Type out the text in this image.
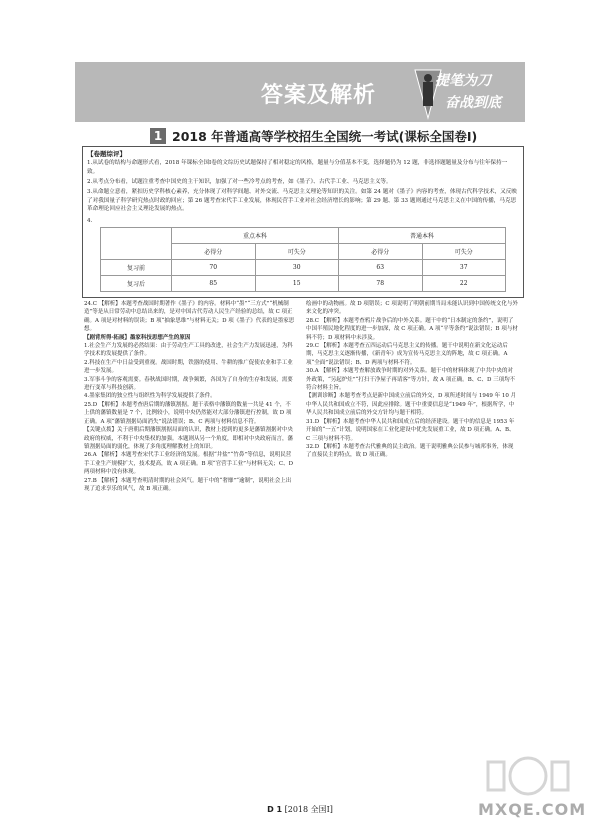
答案及解析
提笔为刀
奋战到底
1 2018 年普通高等学校招生全国统一考试(课标全国卷Ⅰ)
【卷题综评】
1.从试卷的结构与命题形式看，2018 年课标全国Ⅰ卷的文综历史试题保持了相对稳定的风格，题量与分值基本不变，选择题仍为 12 题，非选择题题量及分布与往年保持一致。
2.从考点分布看，试题注重考查中国史的主干知识，加强了对一些冷考点的考查，如《墨子》、古代手工业、马克思主义等。
3.从命题立意看，紧扣历史学科核心素养，充分体现了对科学间题、对外交流、马克思主义理论等知识的关注。如第 24 题对《墨子》内容的考查，体现古代科学技术，又反映了对我国量子科学研究热点时政的回应；第 26 题考查宋代手工业发展，体现民营手工业对社会经济增长的影响；第 29 题、第 33 题则通过马克思主义在中国的传播，马克思革命理论回应社会主义理论发展的热点。
4.
	重点本科		普通本科	
	必得分	可失分	必得分	可失分
复习前	70	30	63	37
复习后	85	15	78	22

24.C 【解析】本题考查战国时期著作《墨子》的内容。材料中“墨”“三方式”“机械制造”等是从日常劳动中总结出来的，是对中国古代劳动人民生产经验的总结，故 C 项正确。A 项是对材料的误读；B 项“抽象思维”与材料无关；D 项《墨子》代表的是墨家思想。

【剧背所得·拓展】墨家科技思想产生的原因

1.社会生产力发展的必然结果：由于劳动生产工具的改进，社会生产力发展迅速，为科学技术的发展提供了条件。

2.科技在生产中日益受到重视。战国时期，铁器的使用、牛耕的推广促使农业和手工业进一步发展。

3.军事斗争的客观需要。春秋战国时期，战争频繁，各国为了自身的生存和发展，需要进行变革与科技创新。

4.墨家集团的独立性与组织性为科学发展提供了条件。

25.D 【解析】本题考查唐后期的藩镇割据。题干表格中藩镇的数量一共是 41 个，不上供的藩镇数量是 7 个，比例较小，说明中央仍然能对大部分藩镇进行控制，故 D 项正确。A 项“藩镇割据局面消失”说法错误；B、C 两项与材料信息不符。

【关键点拨】关于唐朝后期藩镇割据局面的认识，教材上提到的更多是藩镇割据对中央政府的权威，不利于中央集权的加强。本题则从另一个角度，即相对中央政府而言，藩镇割据局面的弱化，体现了多角度理解教材上的知识。

26.A 【解析】本题考查宋代手工业经济的发展。根据“井盐”“竹鼻”等信息，说明民营手工业生产规模扩大，技术提高，故 A 项正确。B 项“官营手工业”与材料无关；C、D 两项材料中没有体现。

27.B 【解析】本题考查明清时期的社会风气。题干中的“奢靡”“逾制”，说明社会上出现了追求享乐的风气，故 B 项正确。

绘画中的动物画。故 D 项错误；C 项说明了明朝前期当局未能认识到中国传统文化与外来文化的冲突。

28.C 【解析】本题考查鸦片战争后的中外关系。题干中的“日本制定的条约”，说明了中国半殖民地化程度的进一步加深，故 C 项正确。A 项“平等条约”说法错误；B 项与材料不符；D 项材料中未涉及。

29.C 【解析】本题考查五四运动后马克思主义的传播。题干中说明在新文化运动后期，马克思主义逐渐传播，《新青年》成为宣传马克思主义的阵地，故 C 项正确。A 项“全面”说法错误；B、D 两项与材料不符。

30.A 【解析】本题考查解放战争时期的对外关系。题干中的材料体现了中共中央的对外政策，“另起炉灶”“打扫干净屋子再请客”等方针，故 A 项正确。B、C、D 三项均不符合材料主旨。

【测训诊断】本题考查考点是新中国成立前后的外交，D 项所述时间与 1949 年 10 月中华人民共和国成立不符，因此应排除。题干中重要信息是“1949 年”，根据所学，中华人民共和国成立前后的外交方针均与题干相符。

31.D 【解析】本题考查中华人民共和国成立后的经济建设。题干中的信息是 1953 年开始的“一五”计划，说明国家在工业化建设中优先发展重工业，故 D 项正确。A、B、C 三项与材料不符。

32.D 【解析】本题考查古代雅典的民主政治。题干说明雅典公民参与城邦事务，体现了直接民主的特点，故 D 项正确。

D 1 [2018 全国Ⅰ]	MXQE.COM
